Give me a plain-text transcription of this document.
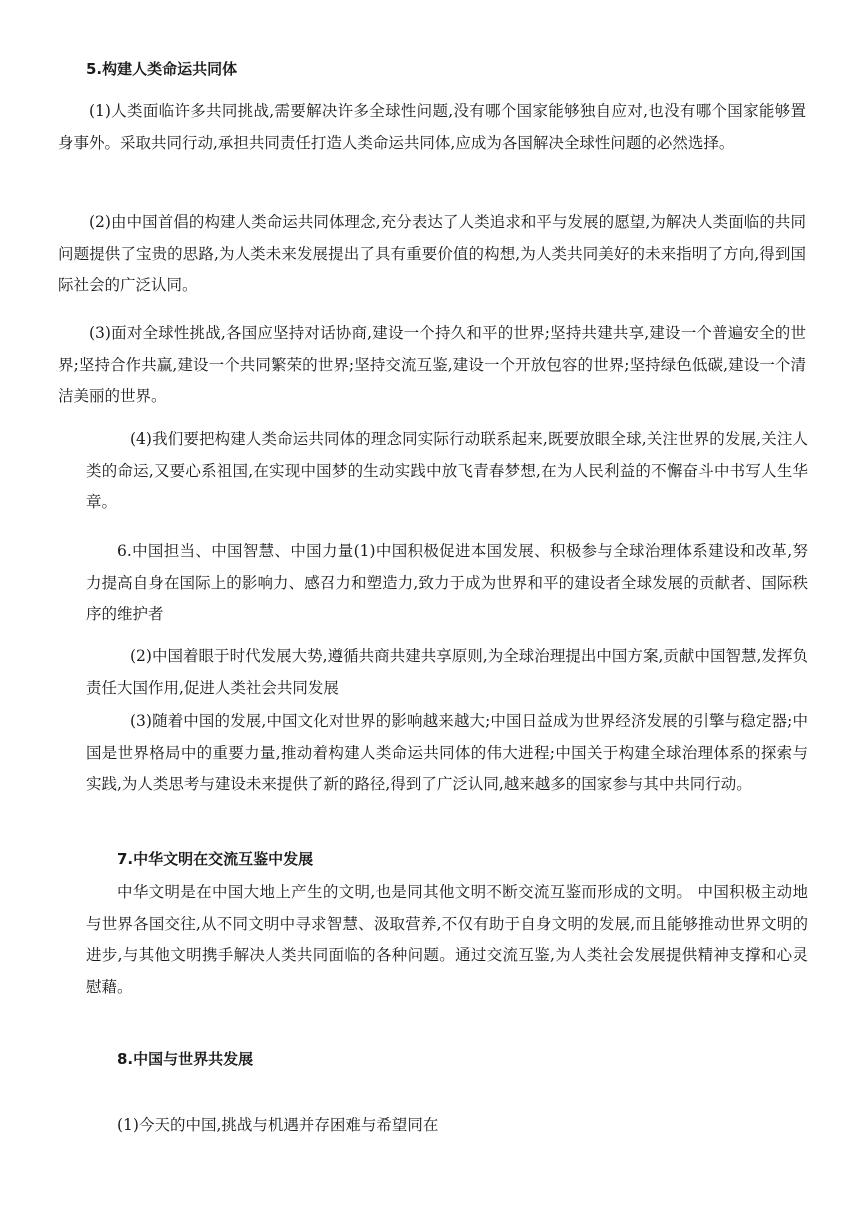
5.构建人类命运共同体

(1)人类面临许多共同挑战,需要解决许多全球性问题,没有哪个国家能够独自应对,也没有哪个国家能够置身事外。采取共同行动,承担共同责任打造人类命运共同体,应成为各国解决全球性问题的必然选择。

(2)由中国首倡的构建人类命运共同体理念,充分表达了人类追求和平与发展的愿望,为解决人类面临的共同问题提供了宝贵的思路,为人类未来发展提出了具有重要价值的构想,为人类共同美好的未来指明了方向,得到国际社会的广泛认同。

(3)面对全球性挑战,各国应坚持对话协商,建设一个持久和平的世界;坚持共建共享,建设一个普遍安全的世界;坚持合作共赢,建设一个共同繁荣的世界;坚持交流互鉴,建设一个开放包容的世界;坚持绿色低碳,建设一个清洁美丽的世界。

(4)我们要把构建人类命运共同体的理念同实际行动联系起来,既要放眼全球,关注世界的发展,关注人类的命运,又要心系祖国,在实现中国梦的生动实践中放飞青春梦想,在为人民利益的不懈奋斗中书写人生华章。

6.中国担当、中国智慧、中国力量(1)中国积极促进本国发展、积极参与全球治理体系建设和改革,努力提高自身在国际上的影响力、感召力和塑造力,致力于成为世界和平的建设者全球发展的贡献者、国际秩序的维护者

(2)中国着眼于时代发展大势,遵循共商共建共享原则,为全球治理提出中国方案,贡献中国智慧,发挥负责任大国作用,促进人类社会共同发展

(3)随着中国的发展,中国文化对世界的影响越来越大;中国日益成为世界经济发展的引擎与稳定器;中国是世界格局中的重要力量,推动着构建人类命运共同体的伟大进程;中国关于构建全球治理体系的探索与实践,为人类思考与建设未来提供了新的路径,得到了广泛认同,越来越多的国家参与其中共同行动。

7.中华文明在交流互鉴中发展

中华文明是在中国大地上产生的文明,也是同其他文明不断交流互鉴而形成的文明。 中国积极主动地与世界各国交往,从不同文明中寻求智慧、汲取营养,不仅有助于自身文明的发展,而且能够推动世界文明的进步,与其他文明携手解决人类共同面临的各种问题。通过交流互鉴,为人类社会发展提供精神支撑和心灵慰藉。

8.中国与世界共发展

(1)今天的中国,挑战与机遇并存困难与希望同在
